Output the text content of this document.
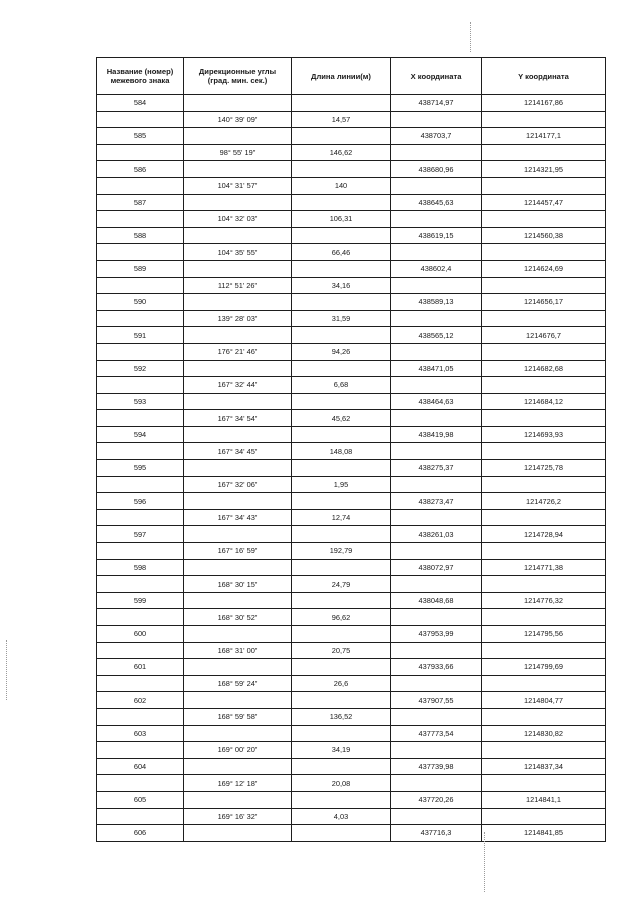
Название (номер)
межевого знака	Дирекционные углы
(град. мин. сек.)	Длина линии(м)	X координата	Y координата

584			438714,97	1214167,86
	140° 39' 09"	14,57		
585			438703,7	1214177,1
	98° 55' 19"	146,62		
586			438680,96	1214321,95
	104° 31' 57"	140		
587			438645,63	1214457,47
	104° 32' 03"	106,31		
588			438619,15	1214560,38
	104° 35' 55"	66,46		
589			438602,4	1214624,69
	112° 51' 26"	34,16		
590			438589,13	1214656,17
	139° 28' 03"	31,59		
591			438565,12	1214676,7
	176° 21' 46"	94,26		
592			438471,05	1214682,68
	167° 32' 44"	6,68		
593			438464,63	1214684,12
	167° 34' 54"	45,62		
594			438419,98	1214693,93
	167° 34' 45"	148,08		
595			438275,37	1214725,78
	167° 32' 06"	1,95		
596			438273,47	1214726,2
	167° 34' 43"	12,74		
597			438261,03	1214728,94
	167° 16' 59"	192,79		
598			438072,97	1214771,38
	168° 30' 15"	24,79		
599			438048,68	1214776,32
	168° 30' 52"	96,62		
600			437953,99	1214795,56
	168° 31' 00"	20,75		
601			437933,66	1214799,69
	168° 59' 24"	26,6		
602			437907,55	1214804,77
	168° 59' 58"	136,52		
603			437773,54	1214830,82
	169° 00' 20"	34,19		
604			437739,98	1214837,34
	169° 12' 18"	20,08		
605			437720,26	1214841,1
	169° 16' 32"	4,03		
606			437716,3	1214841,85
